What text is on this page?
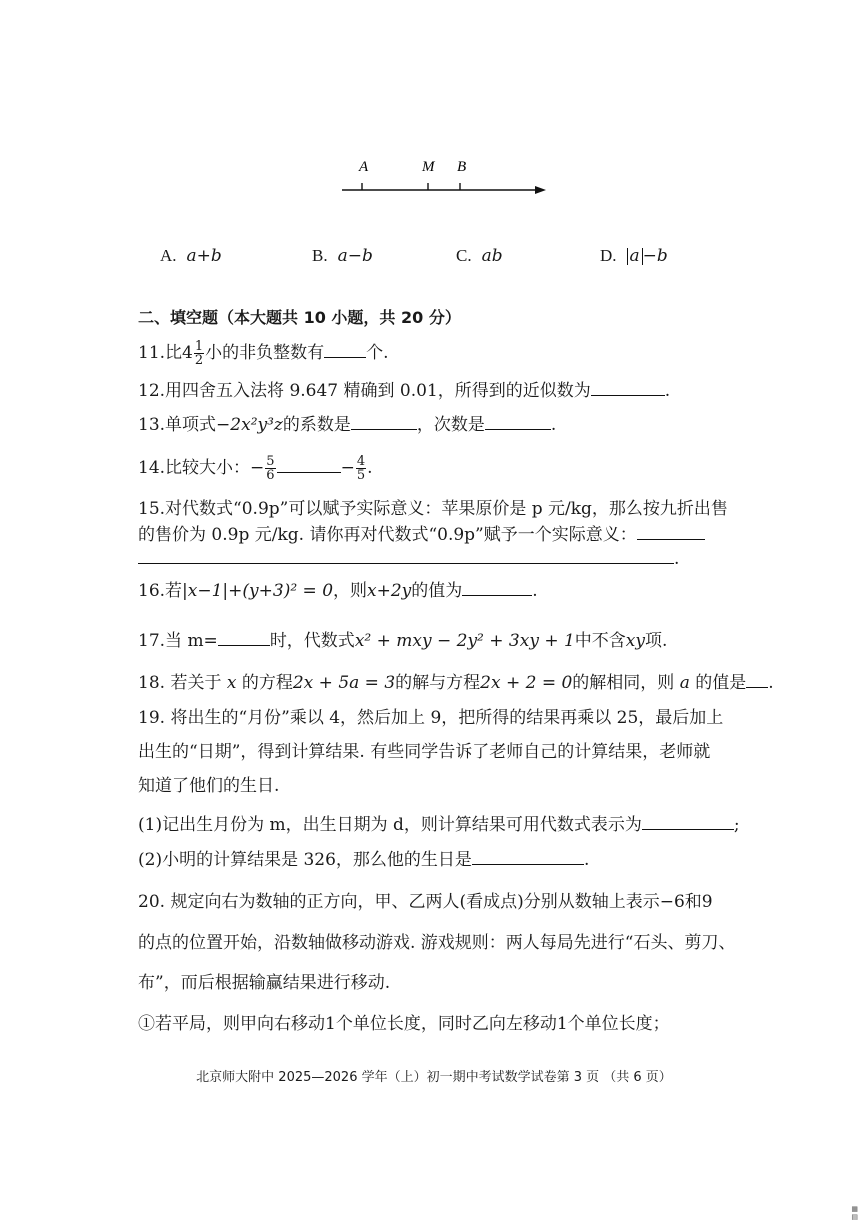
A	M B
A. a+b	B. a−b	C. ab	D. a −b
二、填空题（本大题共 10 小题，共 20 分）
11.比$4 \frac{1}{2}$ 小的非负整数有 个.
12.用四舍五入法将 9.647 精确到 0.01，所得到的近似数为	.
13.单项式−2x²y³z的系数是	，次数是	.
14.比较大小：− $\frac{5}{6}$	− $\frac{4}{5}$ .
15.对代数式“0.9p”可以赋予实际意义：苹果原价是 p 元/kg，那么按九折出售
的售价为 0.9p 元/kg. 请你再对代数式“0.9p”赋予一个实际意义：
.
16.若|x−1|+(y+3)² = 0，则x+2y的值为	.
17.当 m=	时，代数式x² + mxy − 2y² + 3xy + 1中不含xy项.
18. 若关于 x 的方程2x + 5a = 3的解与方程2x + 2 = 0的解相同，则 a 的值是 .
19. 将出生的“月份”乘以 4，然后加上 9，把所得的结果再乘以 25，最后加上
出生的“日期”，得到计算结果. 有些同学告诉了老师自己的计算结果，老师就
知道了他们的生日.
(1)记出生月份为 m，出生日期为 d，则计算结果可用代数式表示为	;
(2)小明的计算结果是 326，那么他的生日是	.
20. 规定向右为数轴的正方向，甲、乙两人(看成点)分别从数轴上表示−6和9
的点的位置开始，沿数轴做移动游戏. 游戏规则：两人每局先进行“石头、剪刀、
布”，而后根据输赢结果进行移动.
①若平局，则甲向右移动1个单位长度，同时乙向左移动1个单位长度；
北京师大附中 2025—2026 学年（上）初一期中考试数学试卷第 3 页 （共 6 页）
▦
▤
